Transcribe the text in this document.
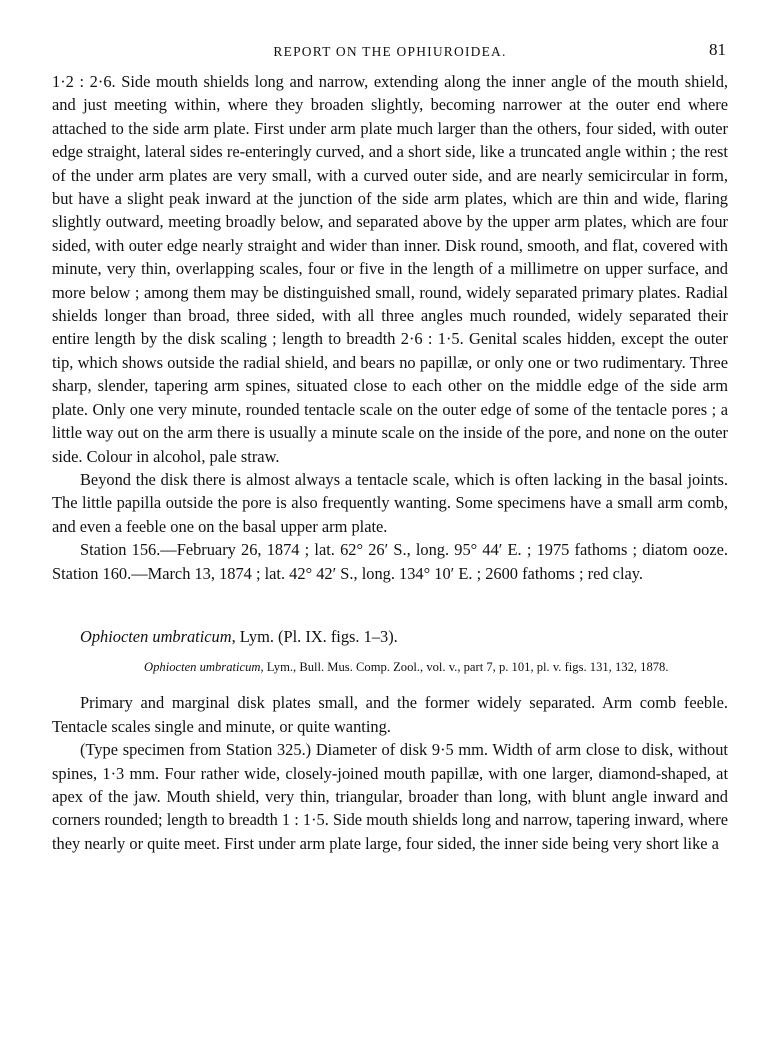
REPORT ON THE OPHIUROIDEA.	81

1·2 : 2·6. Side mouth shields long and narrow, extending along the inner angle of the mouth shield, and just meeting within, where they broaden slightly, becoming narrower at the outer end where attached to the side arm plate. First under arm plate much larger than the others, four sided, with outer edge straight, lateral sides re-enteringly curved, and a short side, like a truncated angle within ; the rest of the under arm plates are very small, with a curved outer side, and are nearly semicircular in form, but have a slight peak inward at the junction of the side arm plates, which are thin and wide, flaring slightly outward, meeting broadly below, and separated above by the upper arm plates, which are four sided, with outer edge nearly straight and wider than inner. Disk round, smooth, and flat, covered with minute, very thin, overlapping scales, four or five in the length of a millimetre on upper surface, and more below ; among them may be distinguished small, round, widely separated primary plates. Radial shields longer than broad, three sided, with all three angles much rounded, widely separated their entire length by the disk scaling ; length to breadth 2·6 : 1·5. Genital scales hidden, except the outer tip, which shows outside the radial shield, and bears no papillæ, or only one or two rudimentary. Three sharp, slender, tapering arm spines, situated close to each other on the middle edge of the side arm plate. Only one very minute, rounded tentacle scale on the outer edge of some of the tentacle pores ; a little way out on the arm there is usually a minute scale on the inside of the pore, and none on the outer side. Colour in alcohol, pale straw.

Beyond the disk there is almost always a tentacle scale, which is often lacking in the basal joints. The little papilla outside the pore is also frequently wanting. Some specimens have a small arm comb, and even a feeble one on the basal upper arm plate.

Station 156.—February 26, 1874 ; lat. 62° 26′ S., long. 95° 44′ E. ; 1975 fathoms ; diatom ooze. Station 160.—March 13, 1874 ; lat. 42° 42′ S., long. 134° 10′ E. ; 2600 fathoms ; red clay.

Ophiocten umbraticum, Lym. (Pl. IX. figs. 1–3).

Ophiocten umbraticum, Lym., Bull. Mus. Comp. Zool., vol. v., part 7, p. 101, pl. v. figs. 131, 132, 1878.

Primary and marginal disk plates small, and the former widely separated. Arm comb feeble. Tentacle scales single and minute, or quite wanting.

(Type specimen from Station 325.) Diameter of disk 9·5 mm. Width of arm close to disk, without spines, 1·3 mm. Four rather wide, closely-joined mouth papillæ, with one larger, diamond-shaped, at apex of the jaw. Mouth shield, very thin, triangular, broader than long, with blunt angle inward and corners rounded; length to breadth 1 : 1·5. Side mouth shields long and narrow, tapering inward, where they nearly or quite meet. First under arm plate large, four sided, the inner side being very short like a
